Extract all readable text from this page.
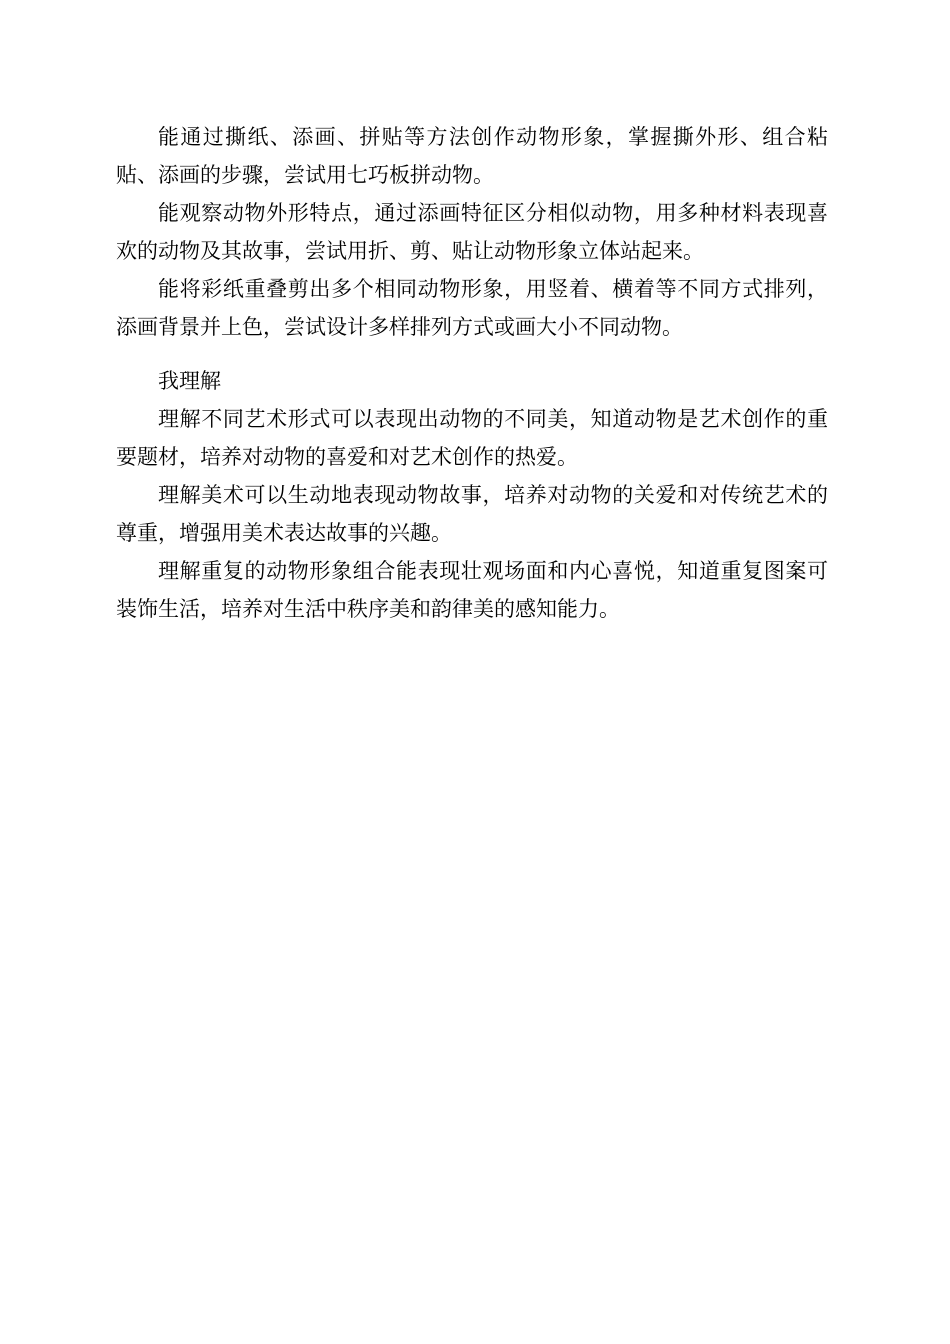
能通过撕纸、添画、拼贴等方法创作动物形象，掌握撕外形、组合粘贴、添画的步骤，尝试用七巧板拼动物。

能观察动物外形特点，通过添画特征区分相似动物，用多种材料表现喜欢的动物及其故事，尝试用折、剪、贴让动物形象立体站起来。

能将彩纸重叠剪出多个相同动物形象，用竖着、横着等不同方式排列，添画背景并上色，尝试设计多样排列方式或画大小不同动物。

我理解

理解不同艺术形式可以表现出动物的不同美，知道动物是艺术创作的重要题材，培养对动物的喜爱和对艺术创作的热爱。

理解美术可以生动地表现动物故事，培养对动物的关爱和对传统艺术的尊重，增强用美术表达故事的兴趣。

理解重复的动物形象组合能表现壮观场面和内心喜悦，知道重复图案可装饰生活，培养对生活中秩序美和韵律美的感知能力。
